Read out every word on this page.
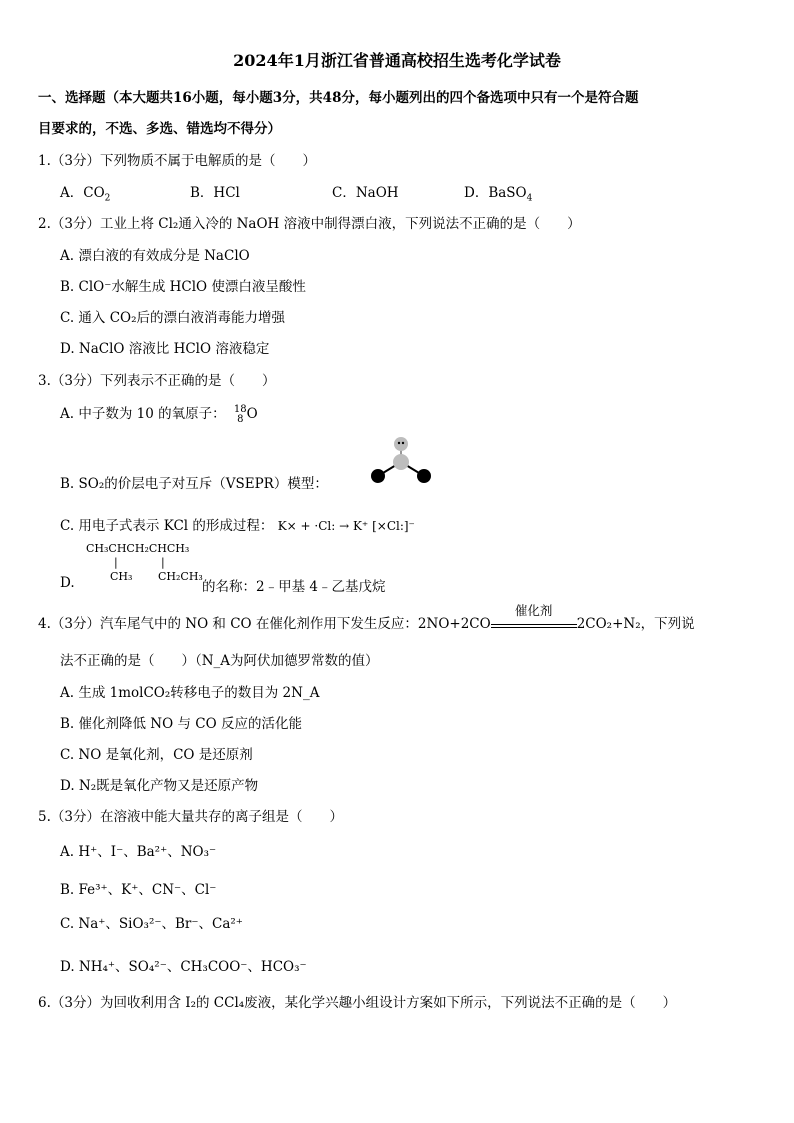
2024年1月浙江省普通高校招生选考化学试卷
一、选择题（本大题共16小题，每小题3分，共48分，每小题列出的四个备选项中只有一个是符合题
目要求的，不选、多选、错选均不得分）
1.（3分）下列物质不属于电解质的是（　　）
A．$CO_2$	B．HCl	C．NaOH	D．BaSO$_4$
2.（3分）工业上将 Cl₂通入冷的 NaOH 溶液中制得漂白液，下列说法不正确的是（　　）
A. 漂白液的有效成分是 NaClO
B. ClO⁻水解生成 HClO 使漂白液呈酸性
C. 通入 CO₂后的漂白液消毒能力增强
D. NaClO 溶液比 HClO 溶液稳定
3.（3分）下列表示不正确的是（　　）
A. 中子数为 10 的氧原子： 18
8 O
B. SO₂的价层电子对互斥（VSEPR）模型：
C. 用电子式表示 KCl 的形成过程： K× + ·Cl: → K⁺ [×Cl:]⁻
CH₃CHCH₂CHCH₃
|	|
CH₃ CH₂CH₃
D.	的名称：2﹣甲基 4﹣乙基戊烷
4.（3分）汽车尾气中的 NO 和 CO 在催化剂作用下发生反应：2NO+2CO
催化剂
2CO₂+N₂，下列说
法不正确的是（　　）（N_A为阿伏加德罗常数的值）
A. 生成 1molCO₂转移电子的数目为 2N_A
B. 催化剂降低 NO 与 CO 反应的活化能
C. NO 是氧化剂，CO 是还原剂
D. N₂既是氧化产物又是还原产物
5.（3分）在溶液中能大量共存的离子组是（　　）
A. H⁺、I⁻、Ba²⁺、NO₃⁻
B. Fe³⁺、K⁺、CN⁻、Cl⁻
C. Na⁺、SiO₃²⁻、Br⁻、Ca²⁺
D. NH₄⁺、SO₄²⁻、CH₃COO⁻、HCO₃⁻
6.（3分）为回收利用含 I₂的 CCl₄废液，某化学兴趣小组设计方案如下所示，下列说法不正确的是（　　）
